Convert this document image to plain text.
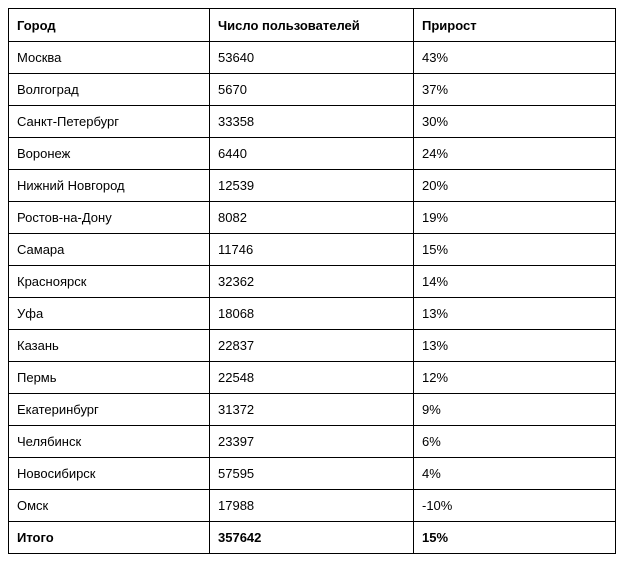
Город	Число пользователей	Прирост
Москва	53640	43%
Волгоград	5670	37%
Санкт-Петербург	33358	30%
Воронеж	6440	24%
Нижний Новгород	12539	20%
Ростов-на-Дону	8082	19%
Самара	11746	15%
Красноярск	32362	14%
Уфа	18068	13%
Казань	22837	13%
Пермь	22548	12%
Екатеринбург	31372	9%
Челябинск	23397	6%
Новосибирск	57595	4%
Омск	17988	-10%
Итого	357642	15%
